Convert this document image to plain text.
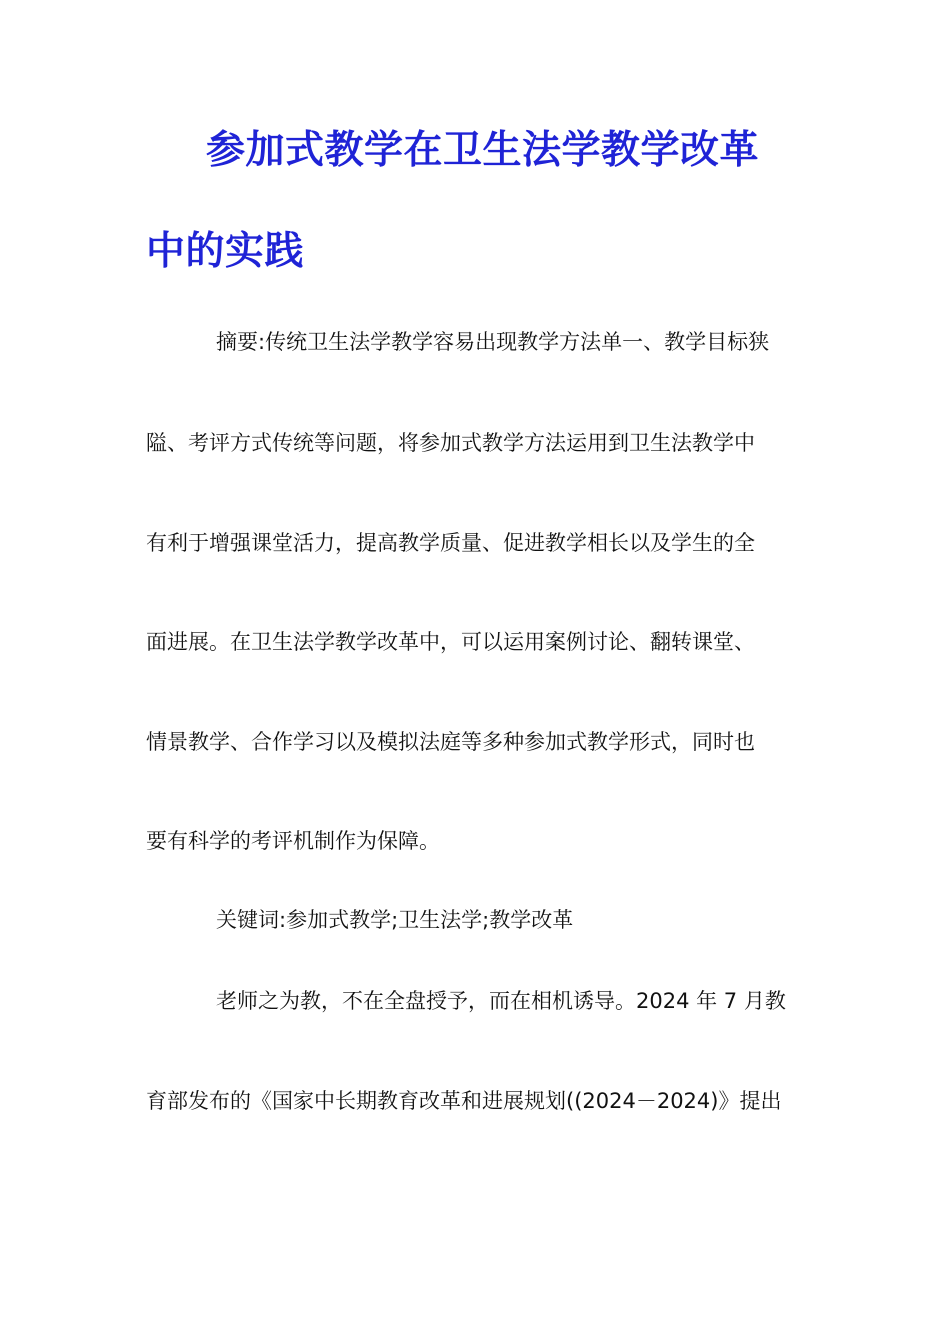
参加式教学在卫生法学教学改革
中的实践
摘要:传统卫生法学教学容易出现教学方法单一、教学目标狭
隘、考评方式传统等问题，将参加式教学方法运用到卫生法教学中
有利于增强课堂活力，提高教学质量、促进教学相长以及学生的全
面进展。在卫生法学教学改革中，可以运用案例讨论、翻转课堂、
情景教学、合作学习以及模拟法庭等多种参加式教学形式，同时也
要有科学的考评机制作为保障。
关键词:参加式教学;卫生法学;教学改革
老师之为教，不在全盘授予，而在相机诱导。2024 年 7 月教
育部发布的《国家中长期教育改革和进展规划((2024－2024)》提出
